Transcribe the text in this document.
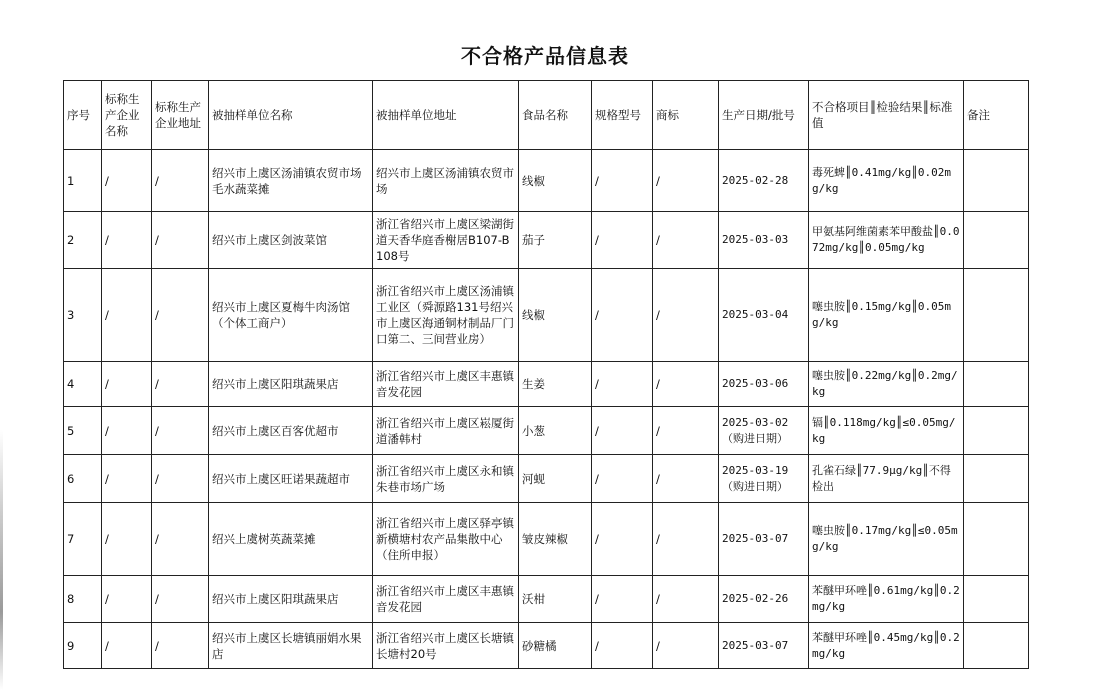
不合格产品信息表
序号	标称生产企业名称	标称生产企业地址	被抽样单位名称	被抽样单位地址	食品名称	规格型号	商标	生产日期/批号	不合格项目║检验结果║标准值	备注
1	/	/	绍兴市上虞区汤浦镇农贸市场毛水蔬菜摊	绍兴市上虞区汤浦镇农贸市场	线椒	/	/	2025-02-28	毒死蜱║0.41mg/kg║0.02mg/kg	
2	/	/	绍兴市上虞区剑波菜馆	浙江省绍兴市上虞区梁湖街道天香华庭香榭居B107-B108号	茄子	/	/	2025-03-03	甲氨基阿维菌素苯甲酸盐║0.072mg/kg║0.05mg/kg	
3	/	/	绍兴市上虞区夏梅牛肉汤馆（个体工商户）	浙江省绍兴市上虞区汤浦镇工业区（舜源路131号绍兴市上虞区海通铜材制品厂门口第二、三间营业房）	线椒	/	/	2025-03-04	噻虫胺║0.15mg/kg║0.05mg/kg	
4	/	/	绍兴市上虞区阳琪蔬果店	浙江省绍兴市上虞区丰惠镇音发花园	生姜	/	/	2025-03-06	噻虫胺║0.22mg/kg║0.2mg/kg	
5	/	/	绍兴市上虞区百客优超市	浙江省绍兴市上虞区崧厦街道潘韩村	小葱	/	/	2025-03-02（购进日期）	镉║0.118mg/kg║≤0.05mg/kg	
6	/	/	绍兴市上虞区旺诺果蔬超市	浙江省绍兴市上虞区永和镇朱巷市场广场	河蚬	/	/	2025-03-19（购进日期）	孔雀石绿║77.9μg/kg║不得检出	
7	/	/	绍兴上虞树英蔬菜摊	浙江省绍兴市上虞区驿亭镇新横塘村农产品集散中心（住所申报）	皱皮辣椒	/	/	2025-03-07	噻虫胺║0.17mg/kg║≤0.05mg/kg	
8	/	/	绍兴市上虞区阳琪蔬果店	浙江省绍兴市上虞区丰惠镇音发花园	沃柑	/	/	2025-02-26	苯醚甲环唑║0.61mg/kg║0.2mg/kg	
9	/	/	绍兴市上虞区长塘镇丽娟水果店	浙江省绍兴市上虞区长塘镇长塘村20号	砂糖橘	/	/	2025-03-07	苯醚甲环唑║0.45mg/kg║0.2mg/kg	
